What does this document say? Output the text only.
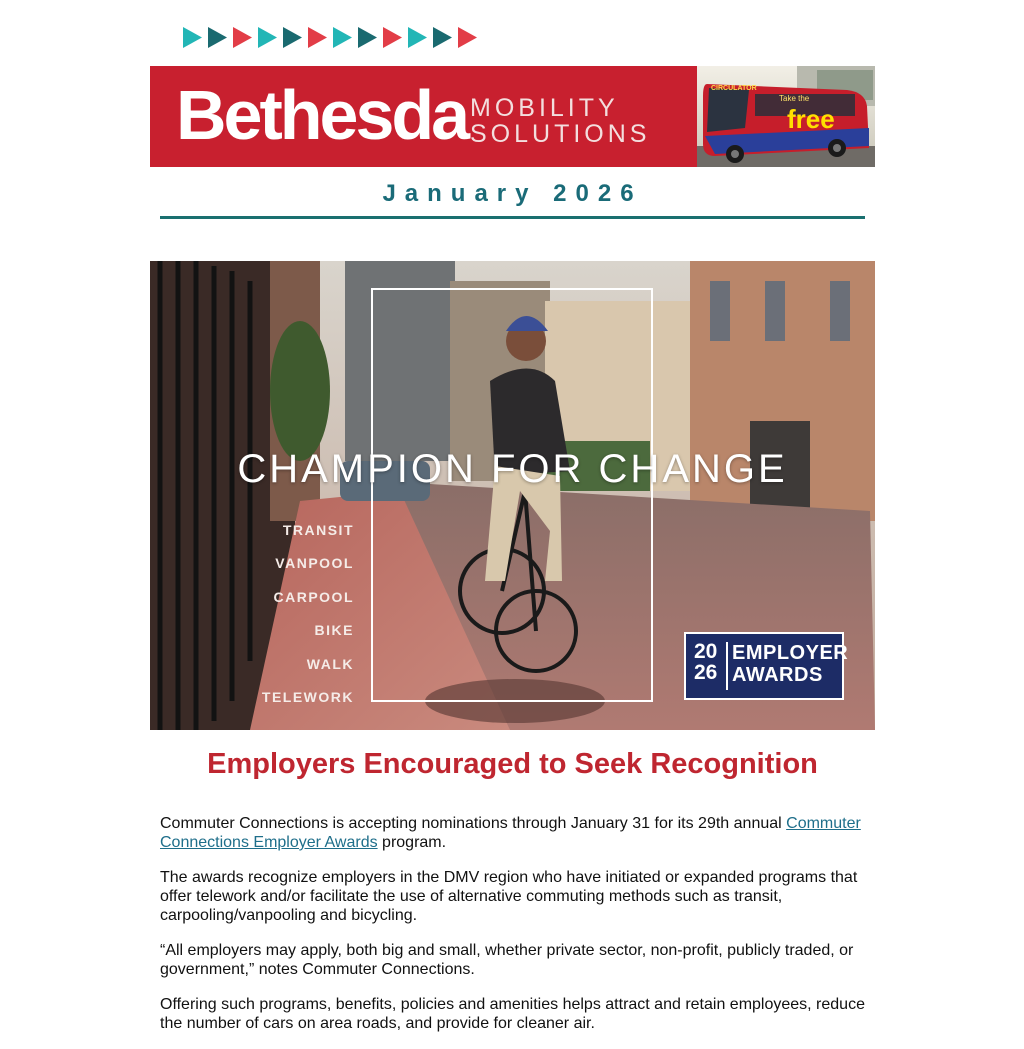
Bethesda MOBILITY
SOLUTIONS
CIRCULATOR
Take the
free
January 2026
CHAMPION FOR CHANGE
TRANSIT
VANPOOL
CARPOOL
BIKE
WALK
TELEWORK
20
26
EMPLOYER
AWARDS
Employers Encouraged to Seek Recognition

Commuter Connections is accepting nominations through January 31 for its 29th annual Commuter Connections Employer Awards program.

The awards recognize employers in the DMV region who have initiated or expanded programs that offer telework and/or facilitate the use of alternative commuting methods such as transit, carpooling/vanpooling and bicycling.

“All employers may apply, both big and small, whether private sector, non-profit, publicly traded, or government,” notes Commuter Connections.

Offering such programs, benefits, policies and amenities helps attract and retain employees, reduce the number of cars on area roads, and provide for cleaner air.
